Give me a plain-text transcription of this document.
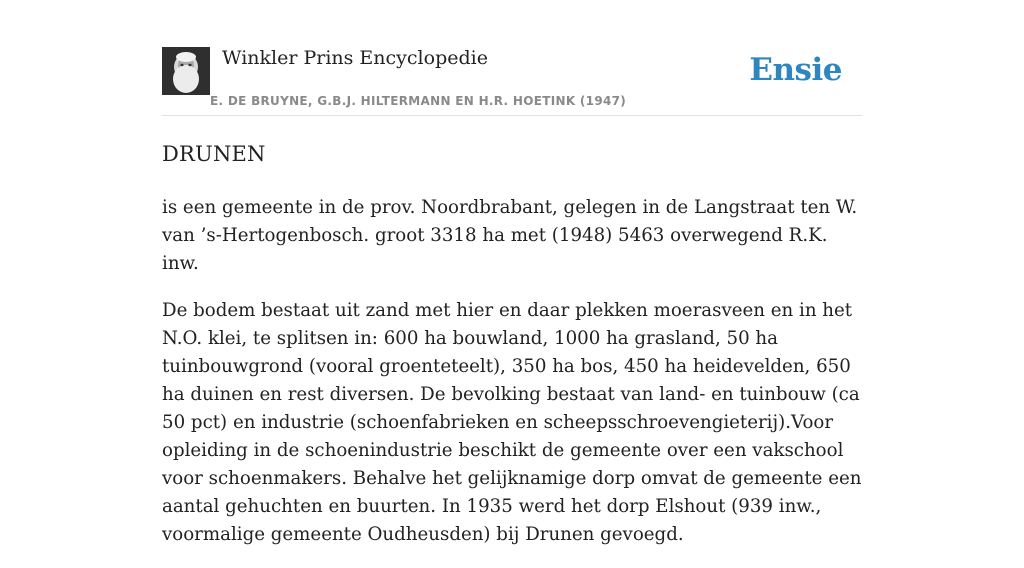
Winkler Prins Encyclopedie
E. DE BRUYNE, G.B.J. HILTERMANN EN H.R. HOETINK (1947)
Ensie
DRUNEN

is een gemeente in de prov. Noordbrabant, gelegen in de Langstraat ten W. van ’s-Hertogenbosch. groot 3318 ha met (1948) 5463 overwegend R.K. inw.

De bodem bestaat uit zand met hier en daar plekken moerasveen en in het N.O. klei, te splitsen in: 600 ha bouwland, 1000 ha grasland, 50 ha tuinbouwgrond (vooral groenteteelt), 350 ha bos, 450 ha heidevelden, 650 ha duinen en rest diversen. De bevolking bestaat van land- en tuinbouw (ca 50 pct) en industrie (schoenfabrieken en scheepsschroevengieterij).Voor opleiding in de schoenindustrie beschikt de gemeente over een vakschool voor schoenmakers. Behalve het gelijknamige dorp omvat de gemeente een aantal gehuchten en buurten. In 1935 werd het dorp Elshout (939 inw., voormalige gemeente Oudheusden) bij Drunen gevoegd.
